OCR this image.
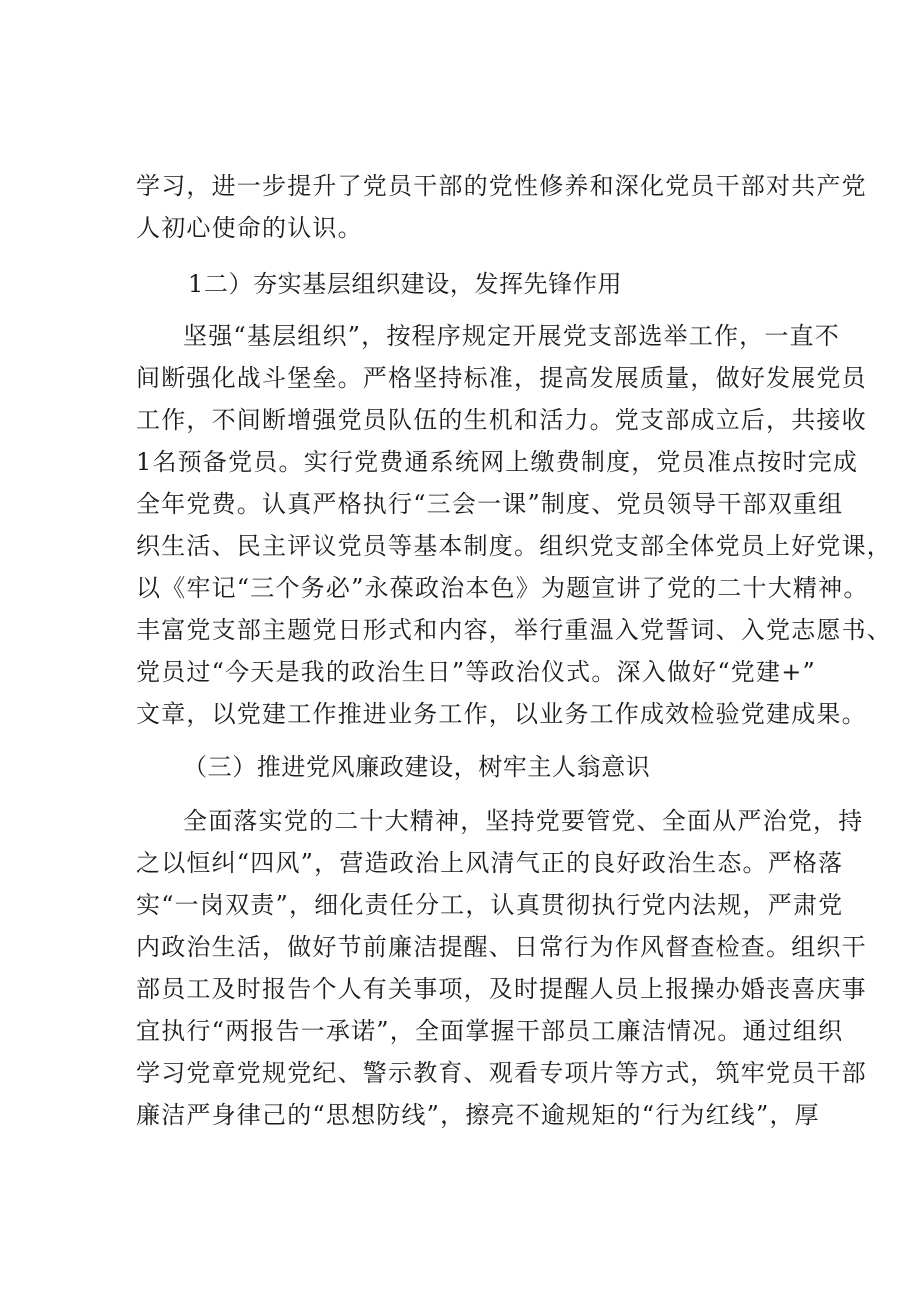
学习，进一步提升了党员干部的党性修养和深化党员干部对共产党
人初心使命的认识。
1二）夯实基层组织建设，发挥先锋作用
坚强“基层组织”，按程序规定开展党支部选举工作，一直不
间断强化战斗堡垒。严格坚持标准，提高发展质量，做好发展党员
工作，不间断增强党员队伍的生机和活力。党支部成立后，共接收
1名预备党员。实行党费通系统网上缴费制度，党员准点按时完成
全年党费。认真严格执行“三会一课”制度、党员领导干部双重组
织生活、民主评议党员等基本制度。组织党支部全体党员上好党课，
以《牢记“三个务必”永葆政治本色》为题宣讲了党的二十大精神。
丰富党支部主题党日形式和内容，举行重温入党誓词、入党志愿书、
党员过“今天是我的政治生日”等政治仪式。深入做好“党建+”
文章，以党建工作推进业务工作，以业务工作成效检验党建成果。
（三）推进党风廉政建设，树牢主人翁意识
全面落实党的二十大精神，坚持党要管党、全面从严治党，持
之以恒纠“四风”，营造政治上风清气正的良好政治生态。严格落
实“一岗双责”，细化责任分工，认真贯彻执行党内法规，严肃党
内政治生活，做好节前廉洁提醒、日常行为作风督查检查。组织干
部员工及时报告个人有关事项，及时提醒人员上报操办婚丧喜庆事
宜执行“两报告一承诺”，全面掌握干部员工廉洁情况。通过组织
学习党章党规党纪、警示教育、观看专项片等方式，筑牢党员干部
廉洁严身律己的“思想防线”，擦亮不逾规矩的“行为红线”，厚
